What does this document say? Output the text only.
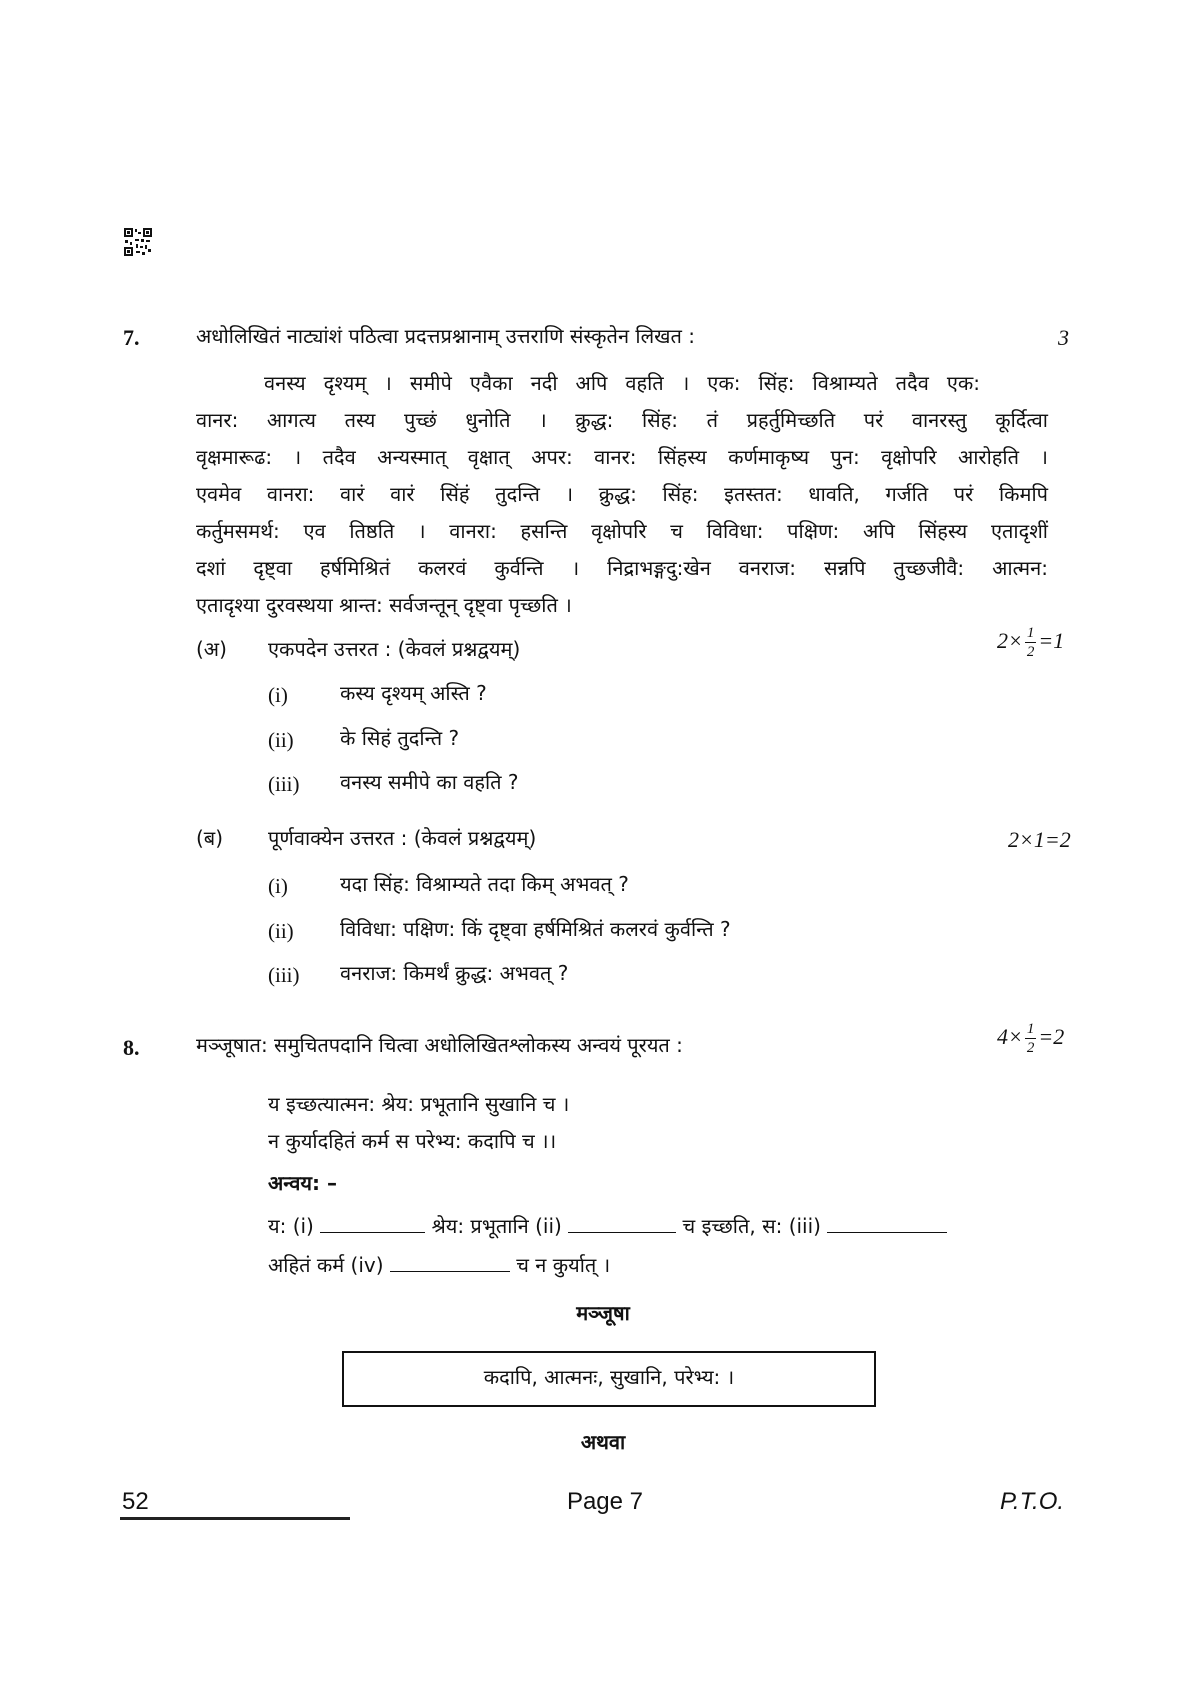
7.	अधोलिखितं नाट्यांशं पठित्वा प्रदत्तप्रश्नानाम् उत्तराणि संस्कृतेन लिखत :	3
वनस्य दृश्यम् । समीपे एवैका नदी अपि वहति । एक: सिंह: विश्राम्यते तदैव एक:
वानर: आगत्य तस्य पुच्छं धुनोति । क्रुद्ध: सिंह: तं प्रहर्तुमिच्छति परं वानरस्तु कूर्दित्वा
वृक्षमारूढ: । तदैव अन्यस्मात् वृक्षात् अपर: वानर: सिंहस्य कर्णमाकृष्य पुन: वृक्षोपरि आरोहति ।
एवमेव वानरा: वारं वारं सिंहं तुदन्ति । क्रुद्ध: सिंह: इतस्तत: धावति, गर्जति परं किमपि
कर्तुमसमर्थ: एव तिष्ठति । वानरा: हसन्ति वृक्षोपरि च विविधा: पक्षिण: अपि सिंहस्य एतादृशीं
दशां दृष्ट्वा हर्षमिश्रितं कलरवं कुर्वन्ति । निद्राभङ्गदु:खेन वनराज: सन्नपि तुच्छजीवै: आत्मन:
एतादृश्या दुरवस्थया श्रान्त: सर्वजन्तून् दृष्ट्वा पृच्छति ।
(अ) एकपदेन उत्तरत : (केवलं प्रश्नद्वयम्)	$2\times \frac{1}{2} =1$
(i)	कस्य दृश्यम् अस्ति ?
(ii) के सिहं तुदन्ति ?
(iii) वनस्य समीपे का वहति ?
(ब) पूर्णवाक्येन उत्तरत : (केवलं प्रश्नद्वयम्)	2×1=2
(i)	यदा सिंह: विश्राम्यते तदा किम् अभवत् ?
(ii) विविधा: पक्षिण: किं दृष्ट्वा हर्षमिश्रितं कलरवं कुर्वन्ति ?
(iii) वनराज: किमर्थं क्रुद्ध: अभवत् ?
8.	मञ्जूषात: समुचितपदानि चित्वा अधोलिखितश्लोकस्य अन्वयं पूरयत :	$4\times \frac{1}{2} =2$
य इच्छत्यात्मन: श्रेय: प्रभूतानि सुखानि च ।
न कुर्यादहितं कर्म स परेभ्य: कदापि च ।।
अन्वय: –
य: (i)	श्रेय: प्रभूतानि (ii)	च इच्छति, स: (iii)
अहितं कर्म (iv)	च न कुर्यात् ।
मञ्जूषा
कदापि, आत्मनः, सुखानि, परेभ्य: ।
अथवा
52	Page 7	P.T.O.
